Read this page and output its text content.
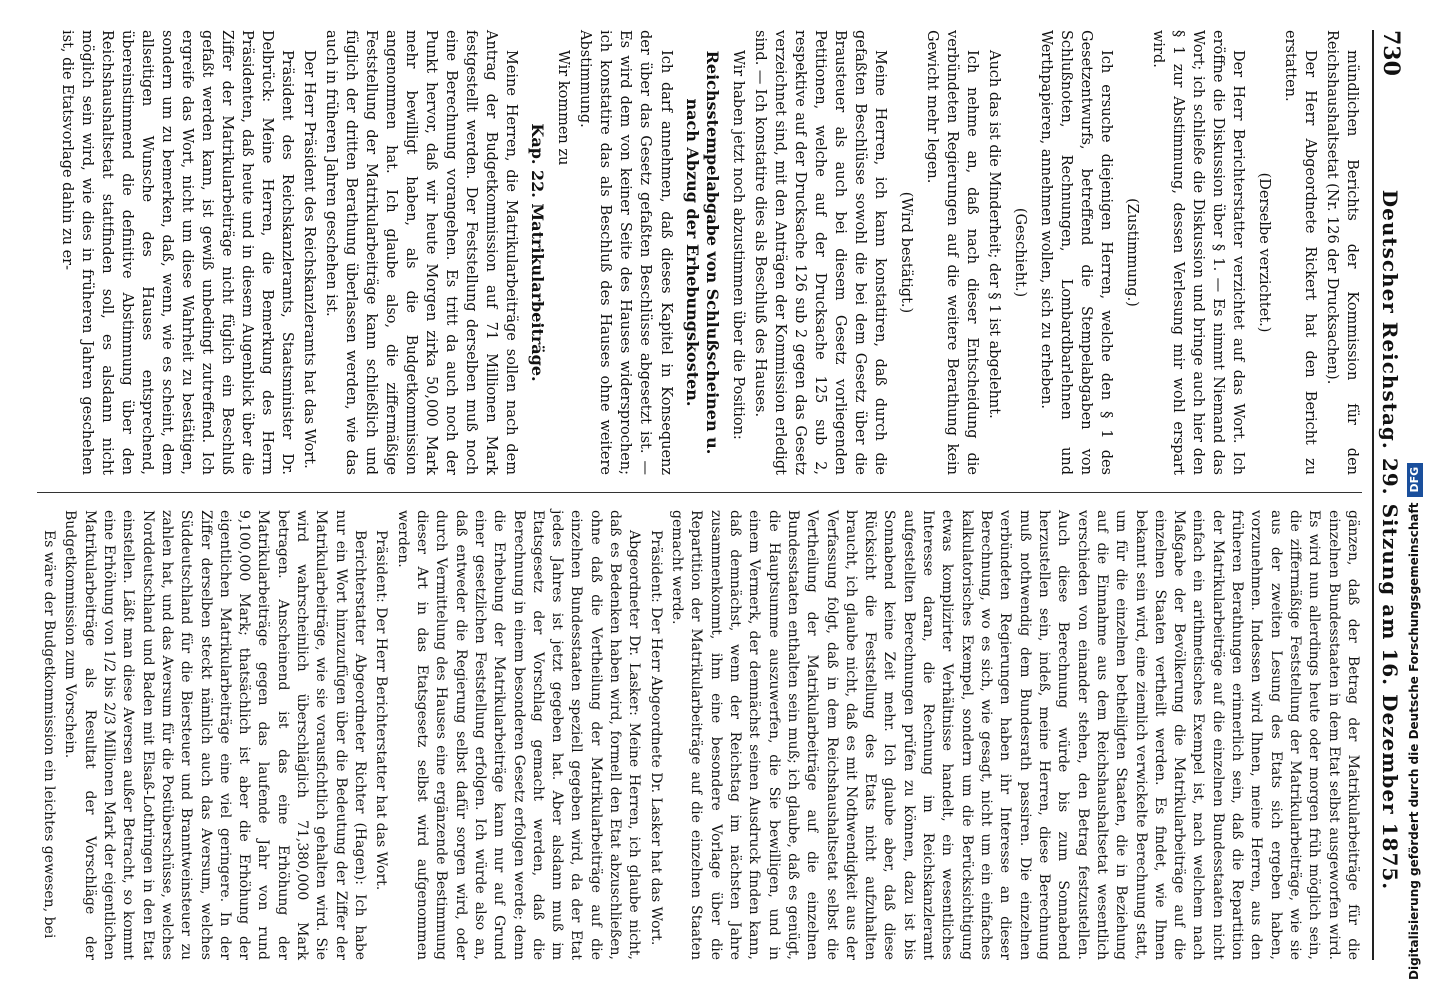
730
Deutscher Reichstag. 29. Sitzung am 16. Dezember 1875.

mündlichen Berichts der Kommission für den Reichshaushaltsetat (Nr. 126 der Drucksachen).

Der Herr Abgeordnete Rickert hat den Bericht zu erstatten.

(Derselbe verzichtet.)

Der Herr Berichterstatter verzichtet auf das Wort. Ich eröffne die Diskussion über § 1. — Es nimmt Niemand das Wort; ich schließe die Diskussion und bringe auch hier den § 1 zur Abstimmung, dessen Verlesung mir wohl erspart wird.

(Zustimmung.)

Ich ersuche diejenigen Herren, welche den § 1 des Gesetzentwurfs, betreffend die Stempelabgaben von Schlußnoten, Rechnungen, Lombardbarlehnen und Werthpapieren, annehmen wollen, sich zu erheben.

(Geschieht.)

Auch das ist die Minderheit; der § 1 ist abgelehnt.

Ich nehme an, daß nach dieser Entscheidung die verbündeten Regierungen auf die weitere Berathung kein Gewicht mehr legen.

(Wird bestätigt.)

Meine Herren, ich kann konstatiren, daß durch die gefaßten Beschlüsse sowohl die bei dem Gesetz über die Brausteuer als auch bei diesem Gesetz vorliegenden Petitionen, welche auf der Drucksache 125 sub 2, respektive auf der Drucksache 126 sub 2 gegen das Gesetz verzeichnet sind, mit den Anträgen der Kommission erledigt sind. — Ich konstatire dies als Beschluß des Hauses.

Wir haben jetzt noch abzustimmen über die Position:

Reichsstempelabgabe von Schlußscheinen u. nach Abzug der Erhebungskosten.

Ich darf annehmen, daß dieses Kapitel in Konsequenz der über das Gesetz gefaßten Beschlüsse abgesetzt ist. — Es wird dem von keiner Seite des Hauses widersprochen; ich konstatire das als Beschluß des Hauses ohne weitere Abstimmung.

Wir kommen zu

Kap. 22. Matrikularbeiträge.

Meine Herren, die Matrikularbeiträge sollen nach dem Antrag der Budgetkommission auf 71 Millionen Mark festgestellt werden. Der Feststellung derselben muß noch eine Berechnung vorangehen. Es tritt da auch noch der Punkt hervor, daß wir heute Morgen zirka 50,000 Mark mehr bewilligt haben, als die Budgetkommission angenommen hat. Ich glaube also, die ziffermäßige Feststellung der Matrikularbeiträge kann schließlich und füglich der dritten Berathung überlassen werden, wie das auch in früheren Jahren geschehen ist.

Der Herr Präsident des Reichskanzleramts hat das Wort.

Präsident des Reichskanzleramts, Staatsminister Dr. Delbrück: Meine Herren, die Bemerkung des Herrn Präsidenten, daß heute und in diesem Augenblick über die Ziffer der Matrikularbeiträge nicht füglich ein Beschluß gefaßt werden kann, ist gewiß unbedingt zutreffend. Ich ergreife das Wort, nicht um diese Wahrheit zu bestätigen, sondern um zu bemerken, daß, wenn, wie es scheint, dem allseitigen Wunsche des Hauses entsprechend, übereinstimmend die definitive Abstimmung über den Reichshaushaltsetat stattfinden soll, es alsdann nicht möglich sein wird, wie dies in früheren Jahren geschehen ist, die Etatsvorlage dahin zu er-

gänzen, daß der Betrag der Matrikularbeiträge für die einzelnen Bundesstaaten in dem Etat selbst ausgeworfen wird. Es wird nun allerdings heute oder morgen früh möglich sein, die ziffermäßige Feststellung der Matrikularbeiträge, wie sie aus der zweiten Lesung des Etats sich ergeben haben, vorzunehmen. Indessen wird Ihnen, meine Herren, aus den früheren Berathungen erinnerlich sein, daß die Repartition der Matrikularbeiträge auf die einzelnen Bundesstaaten nicht einfach ein arithmetisches Exempel ist, nach welchem nach Maßgabe der Bevölkerung die Matrikularbeiträge auf die einzelnen Staaten vertheilt werden. Es findet, wie Ihnen bekannt sein wird, eine ziemlich verwickelte Berechnung statt, um für die einzelnen betheiligten Staaten, die in Beziehung auf die Einnahme aus dem Reichshaushaltsetat wesentlich verschieden von einander stehen, den Betrag festzustellen. Auch diese Berechnung würde bis zum Sonnabend herzustellen sein, indeß, meine Herren, diese Berechnung muß nothwendig dem Bundesrath passiren. Die einzelnen verbündeten Regierungen haben ihr Interesse an dieser Berechnung, wo es sich, wie gesagt, nicht um ein einfaches kalkulatorisches Exempel, sondern um die Berücksichtigung etwas komplizirter Verhältnisse handelt, ein wesentliches Interesse daran, die Rechnung im Reichskanzleramt aufgestellten Berechnungen prüfen zu können, dazu ist bis Sonnabend keine Zeit mehr. Ich glaube aber, daß diese Rücksicht die Feststellung des Etats nicht aufzuhalten braucht, ich glaube nicht, daß es mit Nothwendigkeit aus der Verfassung folgt, daß in dem Reichshaushaltsetat selbst die Vertheilung der Matrikularbeiträge auf die einzelnen Bundesstaaten enthalten sein muß; ich glaube, daß es genügt, die Hauptsumme auszuwerfen, die Sie bewilligen, und in einem Vermerk, der demnächst seinen Ausdruck finden kann, daß demnächst, wenn der Reichstag im nächsten Jahre zusammenkommt, ihm eine besondere Vorlage über die Repartition der Matrikularbeiträge auf die einzelnen Staaten gemacht werde.

Präsident: Der Herr Abgeordnete Dr. Lasker hat das Wort.

Abgeordneter Dr. Lasker: Meine Herren, ich glaube nicht, daß es Bedenken haben wird, formell den Etat abzuschließen, ohne daß die Vertheilung der Matrikularbeiträge auf die einzelnen Bundesstaaten speziell gegeben wird, da der Etat jedes Jahres ist jetzt gegeben hat. Aber alsdann muß im Etatsgesetz der Vorschlag gemacht werden, daß die Berechnung in einem besonderen Gesetz erfolgen werde; denn die Erhebung der Matrikularbeiträge kann nur auf Grund einer gesetzlichen Feststellung erfolgen. Ich würde also an, daß entweder die Regierung selbst dafür sorgen wird, oder durch Vermittelung des Hauses eine ergänzende Bestimmung dieser Art in das Etatsgesetz selbst wird aufgenommen werden.

Präsident: Der Herr Berichterstatter hat das Wort.

Berichterstatter Abgeordneter Richter (Hagen): Ich habe nur ein Wort hinzuzufügen über die Bedeutung der Ziffer der Matrikularbeiträge, wie sie vorausfichtlich gehalten wird. Sie wird wahrscheinlich überschläglich 71,380,000 Mark betragen. Anscheinend ist das eine Erhöhung der Matrikularbeiträge gegen das laufende Jahr von rund 9,100,000 Mark; thatsächlich ist aber die Erhöhung der eigentlichen Matrikularbeiträge eine viel geringere. In der Ziffer derselben steckt nämlich auch das Aversum, welches Süddeutschland für die Biersteuer und Branntweinsteuer zu zahlen hat, und das Aversum für die Postüberschüsse, welches Norddeutschland und Baden mit Elsaß-Lothringen in den Etat einstellen. Läßt man diese Aversen außer Betracht, so kommt eine Erhöhung von 1/2 bis 2/3 Millionen Mark der eigentlichen Matrikularbeiträge als Resultat der Vorschläge der Budgetkommission zum Vorschein.

Es wäre der Budgetkommission ein leichtes gewesen, bei	Digitalisierung gefördert durch die Deutsche ForschungsgemeinschaftDFG
